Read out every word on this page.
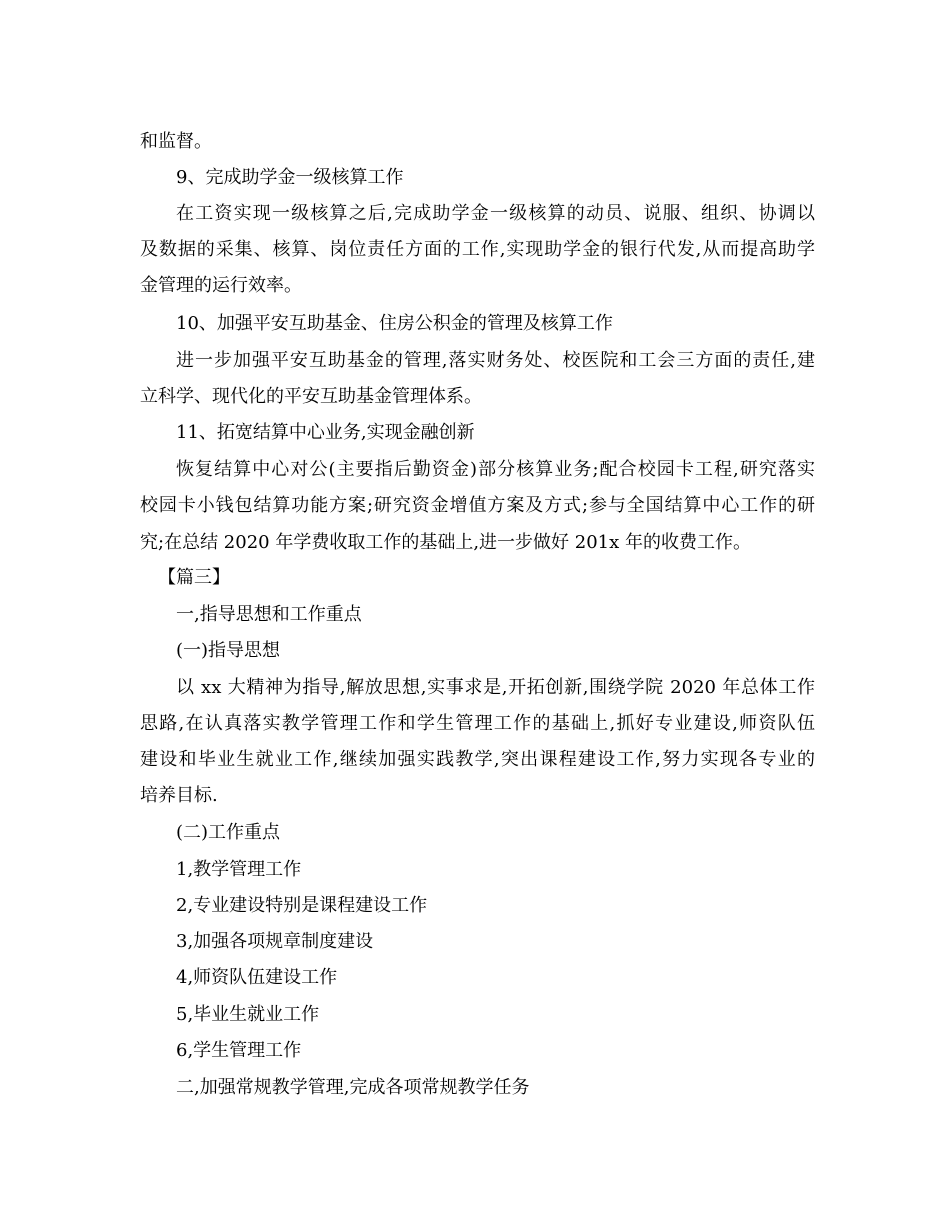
和监督。
9、完成助学金一级核算工作
在工资实现一级核算之后,完成助学金一级核算的动员、说服、组织、协调以
及数据的采集、核算、岗位责任方面的工作,实现助学金的银行代发,从而提高助学
金管理的运行效率。
10、加强平安互助基金、住房公积金的管理及核算工作
进一步加强平安互助基金的管理,落实财务处、校医院和工会三方面的责任,建
立科学、现代化的平安互助基金管理体系。
11、拓宽结算中心业务,实现金融创新
恢复结算中心对公(主要指后勤资金)部分核算业务;配合校园卡工程,研究落实
校园卡小钱包结算功能方案;研究资金增值方案及方式;参与全国结算中心工作的研
究;在总结 2020 年学费收取工作的基础上,进一步做好 201x 年的收费工作。
【篇三】
一,指导思想和工作重点
(一)指导思想
以 xx 大精神为指导,解放思想,实事求是,开拓创新,围绕学院 2020 年总体工作
思路,在认真落实教学管理工作和学生管理工作的基础上,抓好专业建设,师资队伍
建设和毕业生就业工作,继续加强实践教学,突出课程建设工作,努力实现各专业的
培养目标.
(二)工作重点
1,教学管理工作
2,专业建设特别是课程建设工作
3,加强各项规章制度建设
4,师资队伍建设工作
5,毕业生就业工作
6,学生管理工作
二,加强常规教学管理,完成各项常规教学任务
